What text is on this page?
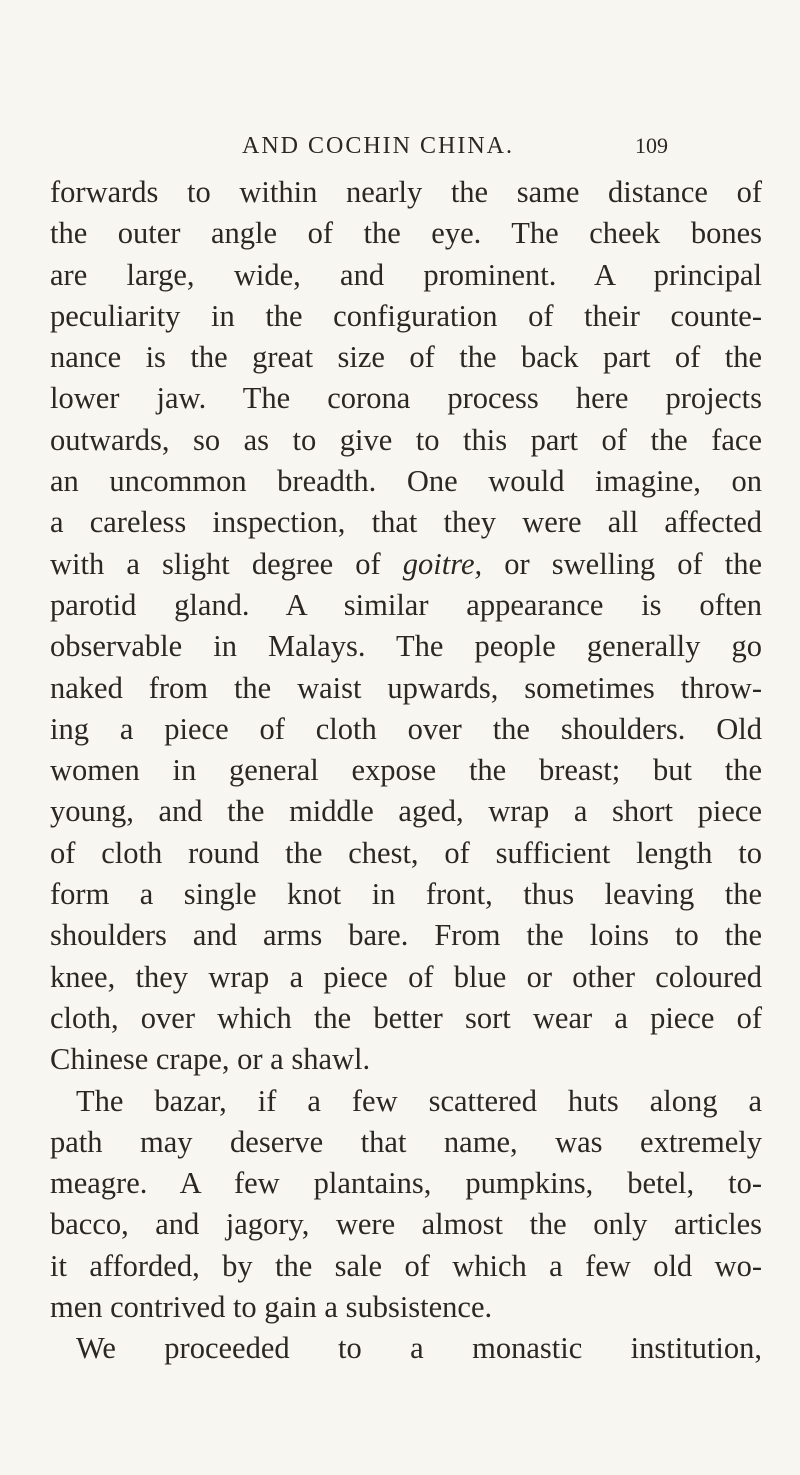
AND COCHIN CHINA.	109
forwards to within nearly the same distance of
the outer angle of the eye. The cheek bones
are large, wide, and prominent. A principal
peculiarity in the configuration of their counte-
nance is the great size of the back part of the
lower jaw. The corona process here projects
outwards, so as to give to this part of the face
an uncommon breadth. One would imagine, on
a careless inspection, that they were all affected
with a slight degree of goitre, or swelling of the
parotid gland. A similar appearance is often
observable in Malays. The people generally go
naked from the waist upwards, sometimes throw-
ing a piece of cloth over the shoulders. Old
women in general expose the breast; but the
young, and the middle aged, wrap a short piece
of cloth round the chest, of sufficient length to
form a single knot in front, thus leaving the
shoulders and arms bare. From the loins to the
knee, they wrap a piece of blue or other coloured
cloth, over which the better sort wear a piece of
Chinese crape, or a shawl.
The bazar, if a few scattered huts along a
path may deserve that name, was extremely
meagre. A few plantains, pumpkins, betel, to-
bacco, and jagory, were almost the only articles
it afforded, by the sale of which a few old wo-
men contrived to gain a subsistence.
We proceeded to a monastic institution,
